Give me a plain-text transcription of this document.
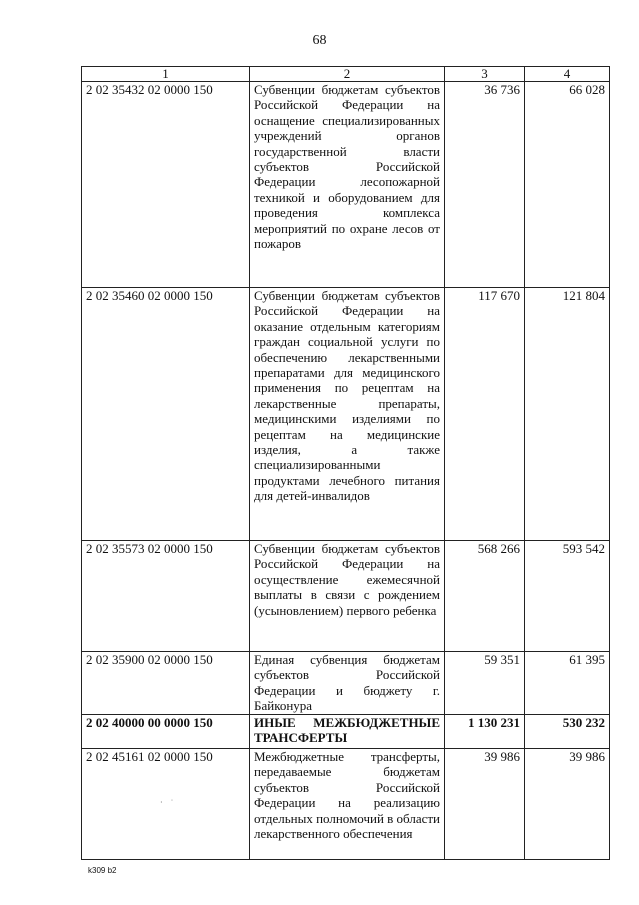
68
1	2	3	4
2 02 35432 02 0000 150	Субвенции бюджетам субъектов Российской Федерации на оснащение специализированных учреждений органов государственной власти субъектов Российской Федерации лесопожарной техникой и оборудованием для проведения комплекса мероприятий по охране лесов от пожаров	36 736	66 028
2 02 35460 02 0000 150	Субвенции бюджетам субъектов Российской Федерации на оказание отдельным категориям граждан социальной услуги по обеспечению лекарственными препаратами для медицинского применения по рецептам на лекарственные препараты, медицинскими изделиями по рецептам на медицинские изделия, а также специализированными продуктами лечебного питания для детей-инвалидов	117 670	121 804
2 02 35573 02 0000 150	Субвенции бюджетам субъектов Российской Федерации на осуществление ежемесячной выплаты в связи с рождением (усыновлением) первого ребенка	568 266	593 542
2 02 35900 02 0000 150	Единая субвенция бюджетам субъектов Российской Федерации и бюджету г. Байконура	59 351	61 395
2 02 40000 00 0000 150	ИНЫЕ МЕЖБЮДЖЕТНЫЕ ТРАНСФЕРТЫ	1 130 231	530 232
2 02 45161 02 0000 150	Межбюджетные трансферты, передаваемые бюджетам субъектов Российской Федерации на реализацию отдельных полномочий в области лекарственного обеспечения	39 986	39 986
·    ˙
k309 b2
